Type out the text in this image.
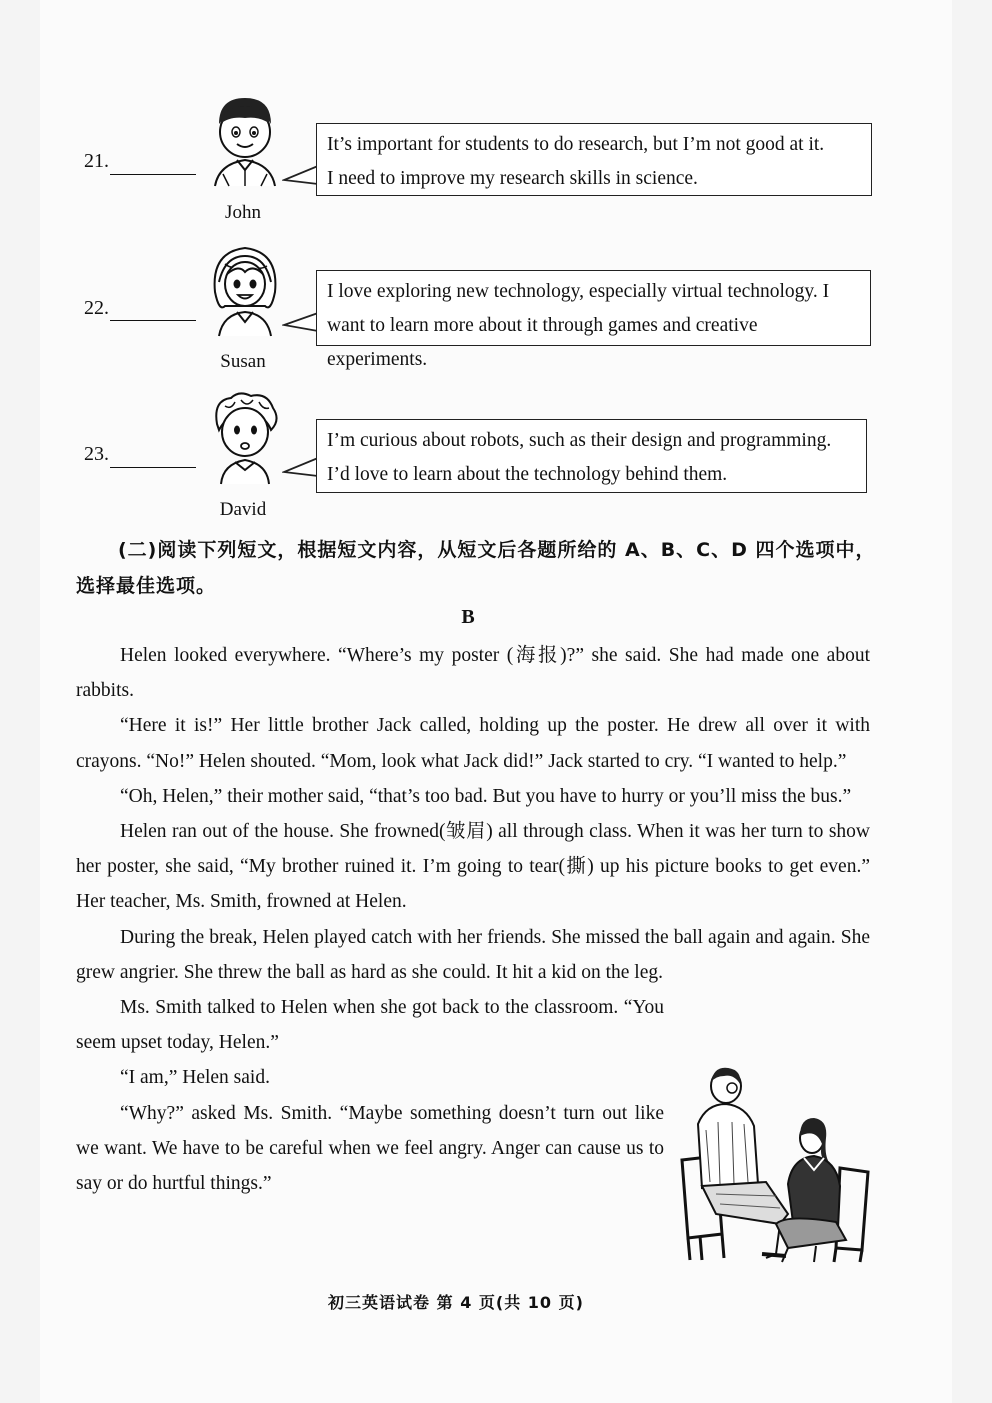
21.
John
It’s important for students to do research, but I’m not good at it.
I need to improve my research skills in science.
22.
Susan
I love exploring new technology, especially virtual technology. I
want to learn more about it through games and creative experiments.
23.
David
I’m curious about robots, such as their design and programming.
I’d love to learn about the technology behind them.
(二)阅读下列短文，根据短文内容，从短文后各题所给的 A、B、C、D 四个选项中，选择最佳选项。
B

Helen looked everywhere. “Where’s my poster (海报)?” she said. She had made one about rabbits.

“Here it is!” Her little brother Jack called, holding up the poster. He drew all over it with crayons. “No!” Helen shouted. “Mom, look what Jack did!” Jack started to cry. “I wanted to help.”

“Oh, Helen,” their mother said, “that’s too bad. But you have to hurry or you’ll miss the bus.”

Helen ran out of the house. She frowned(皱眉) all through class. When it was her turn to show her poster, she said, “My brother ruined it. I’m going to tear(撕) up his picture books to get even.” Her teacher, Ms. Smith, frowned at Helen.

During the break, Helen played catch with her friends. She missed the ball again and again. She grew angrier. She threw the ball as hard as she could. It hit a kid on the leg.

Ms. Smith talked to Helen when she got back to the classroom. “You seem upset today, Helen.”

“I am,” Helen said.

“Why?” asked Ms. Smith. “Maybe something doesn’t turn out like we want. We have to be careful when we feel angry. Anger can cause us to say or do hurtful things.”

初三英语试卷 第 4 页(共 10 页)
